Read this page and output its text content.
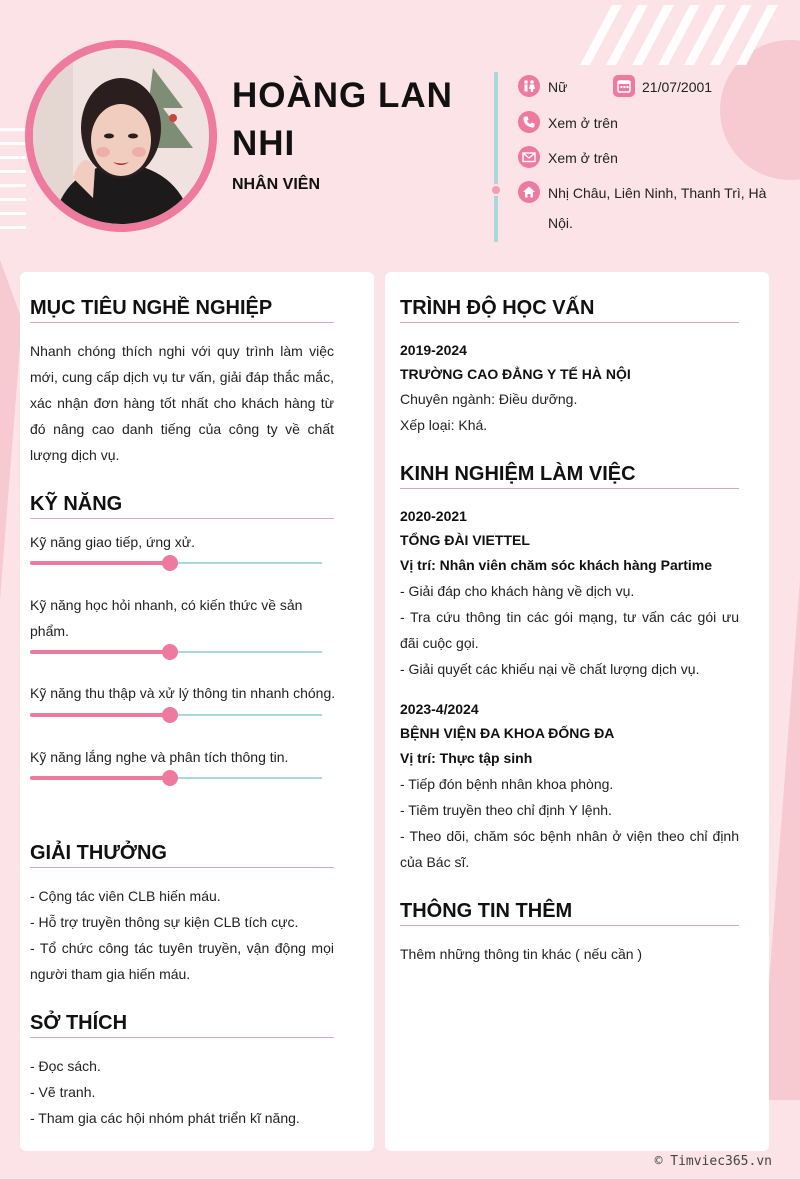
HOÀNG LAN NHI
NHÂN VIÊN
Nữ	21/07/2001
Xem ở trên
Xem ở trên
Nhị Châu, Liên Ninh, Thanh Trì, Hà
Nội.
MỤC TIÊU NGHỀ NGHIỆP
Nhanh chóng thích nghi với quy trình làm việc mới, cung cấp dịch vụ tư vấn, giải đáp thắc mắc, xác nhận đơn hàng tốt nhất cho khách hàng từ đó nâng cao danh tiếng của công ty về chất lượng dịch vụ.
KỸ NĂNG
Kỹ năng giao tiếp, ứng xử.
Kỹ năng học hỏi nhanh, có kiến thức về sản phẩm.
Kỹ năng thu thập và xử lý thông tin nhanh chóng.
Kỹ năng lắng nghe và phân tích thông tin.
GIẢI THƯỞNG
- Cộng tác viên CLB hiến máu.
- Hỗ trợ truyền thông sự kiện CLB tích cực.
- Tổ chức công tác tuyên truyền, vận động mọi người tham gia hiến máu.
SỞ THÍCH
- Đọc sách.
- Vẽ tranh.
- Tham gia các hội nhóm phát triển kĩ năng.
TRÌNH ĐỘ HỌC VẤN
2019-2024
TRƯỜNG CAO ĐẲNG Y TẾ HÀ NỘI
Chuyên ngành: Điều dưỡng.
Xếp loại: Khá.
KINH NGHIỆM LÀM VIỆC
2020-2021
TỔNG ĐÀI VIETTEL
Vị trí: Nhân viên chăm sóc khách hàng Partime
- Giải đáp cho khách hàng về dịch vụ.
- Tra cứu thông tin các gói mạng, tư vấn các gói ưu đãi cuộc gọi.
- Giải quyết các khiếu nại về chất lượng dịch vụ.
2023-4/2024
BỆNH VIỆN ĐA KHOA ĐỐNG ĐA
Vị trí: Thực tập sinh
- Tiếp đón bệnh nhân khoa phòng.
- Tiêm truyền theo chỉ định Y lệnh.
- Theo dõi, chăm sóc bệnh nhân ở viện theo chỉ định của Bác sĩ.
THÔNG TIN THÊM
Thêm những thông tin khác ( nếu cần )
© Timviec365.vn
